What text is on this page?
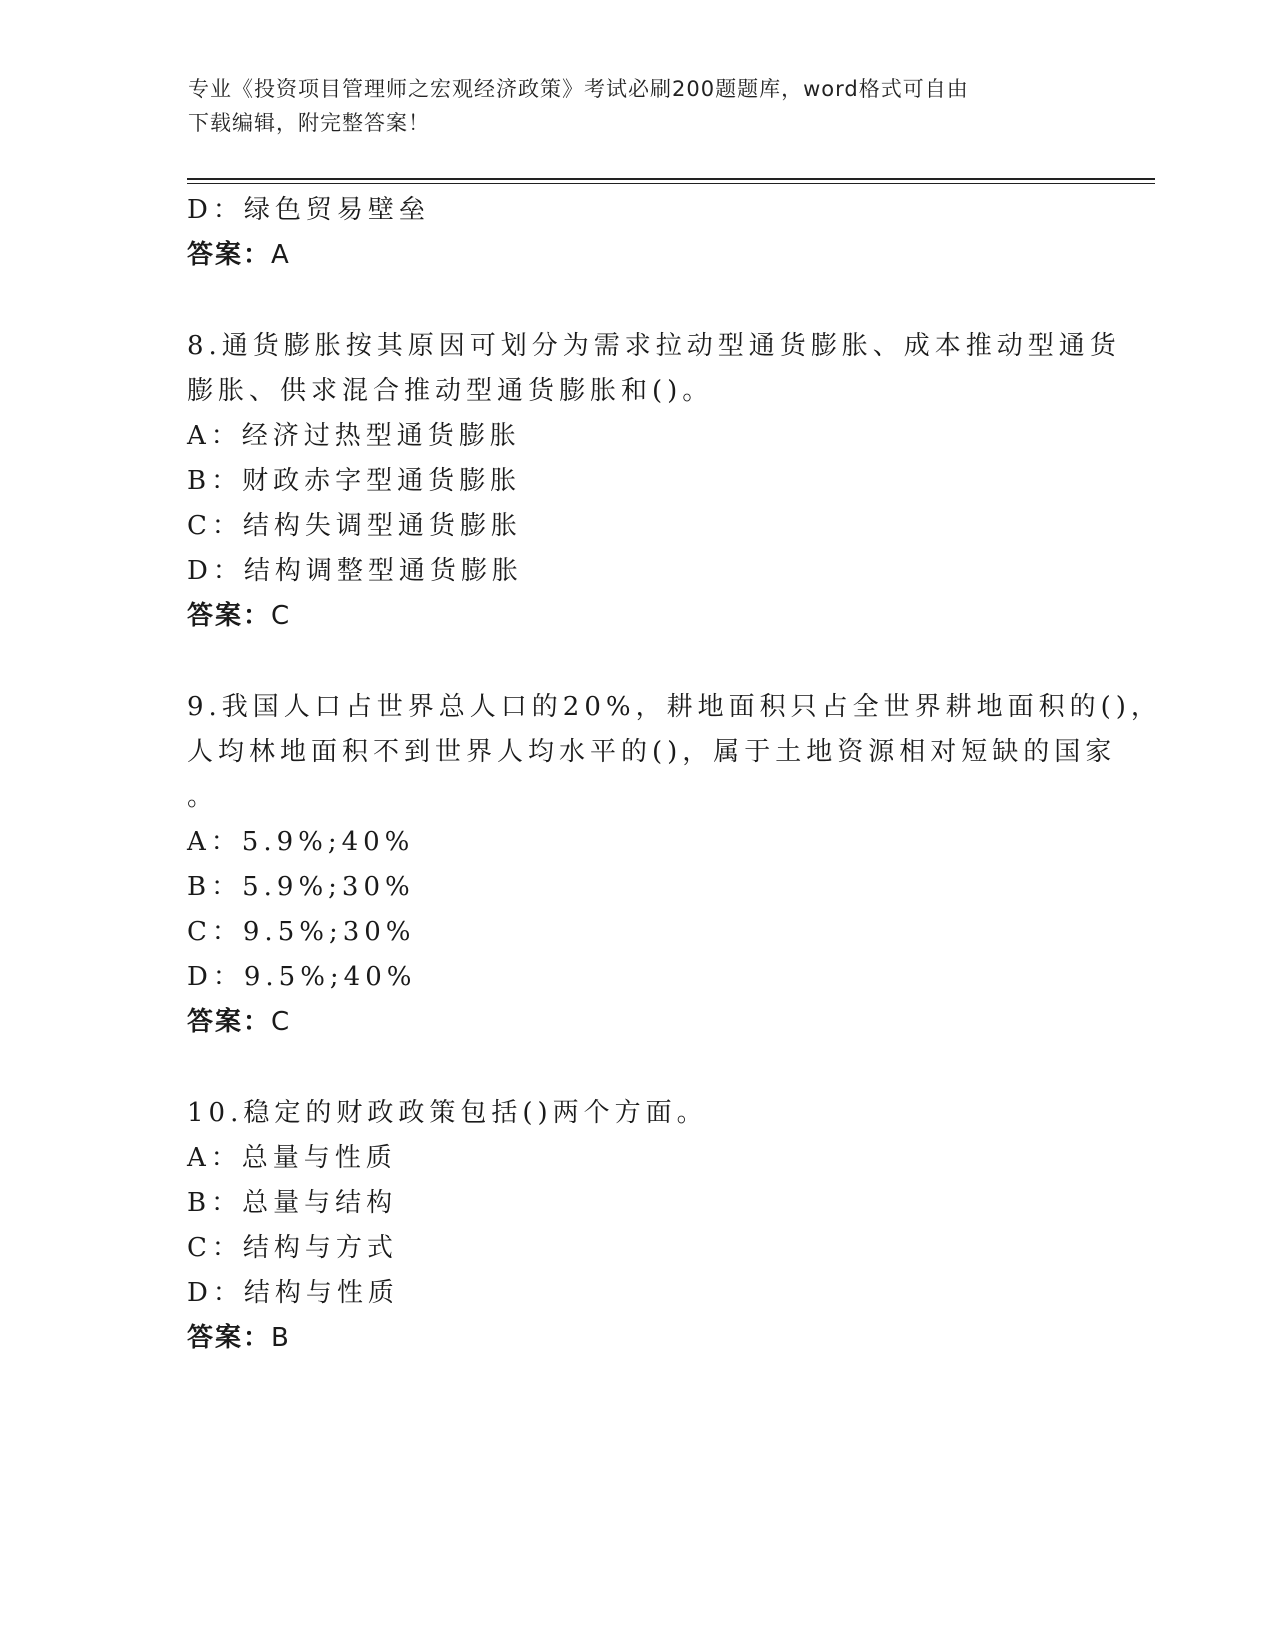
专业《投资项目管理师之宏观经济政策》考试必刷200题题库，word格式可自由
下载编辑，附完整答案！
D：绿色贸易壁垒
答案：A
8.通货膨胀按其原因可划分为需求拉动型通货膨胀、成本推动型通货
膨胀、供求混合推动型通货膨胀和()。
A：经济过热型通货膨胀
B：财政赤字型通货膨胀
C：结构失调型通货膨胀
D：结构调整型通货膨胀
答案：C
9.我国人口占世界总人口的20%，耕地面积只占全世界耕地面积的()，
人均林地面积不到世界人均水平的()，属于土地资源相对短缺的国家
。
A：5.9%;40%
B：5.9%;30%
C：9.5%;30%
D：9.5%;40%
答案：C
10.稳定的财政政策包括()两个方面。
A：总量与性质
B：总量与结构
C：结构与方式
D：结构与性质
答案：B
